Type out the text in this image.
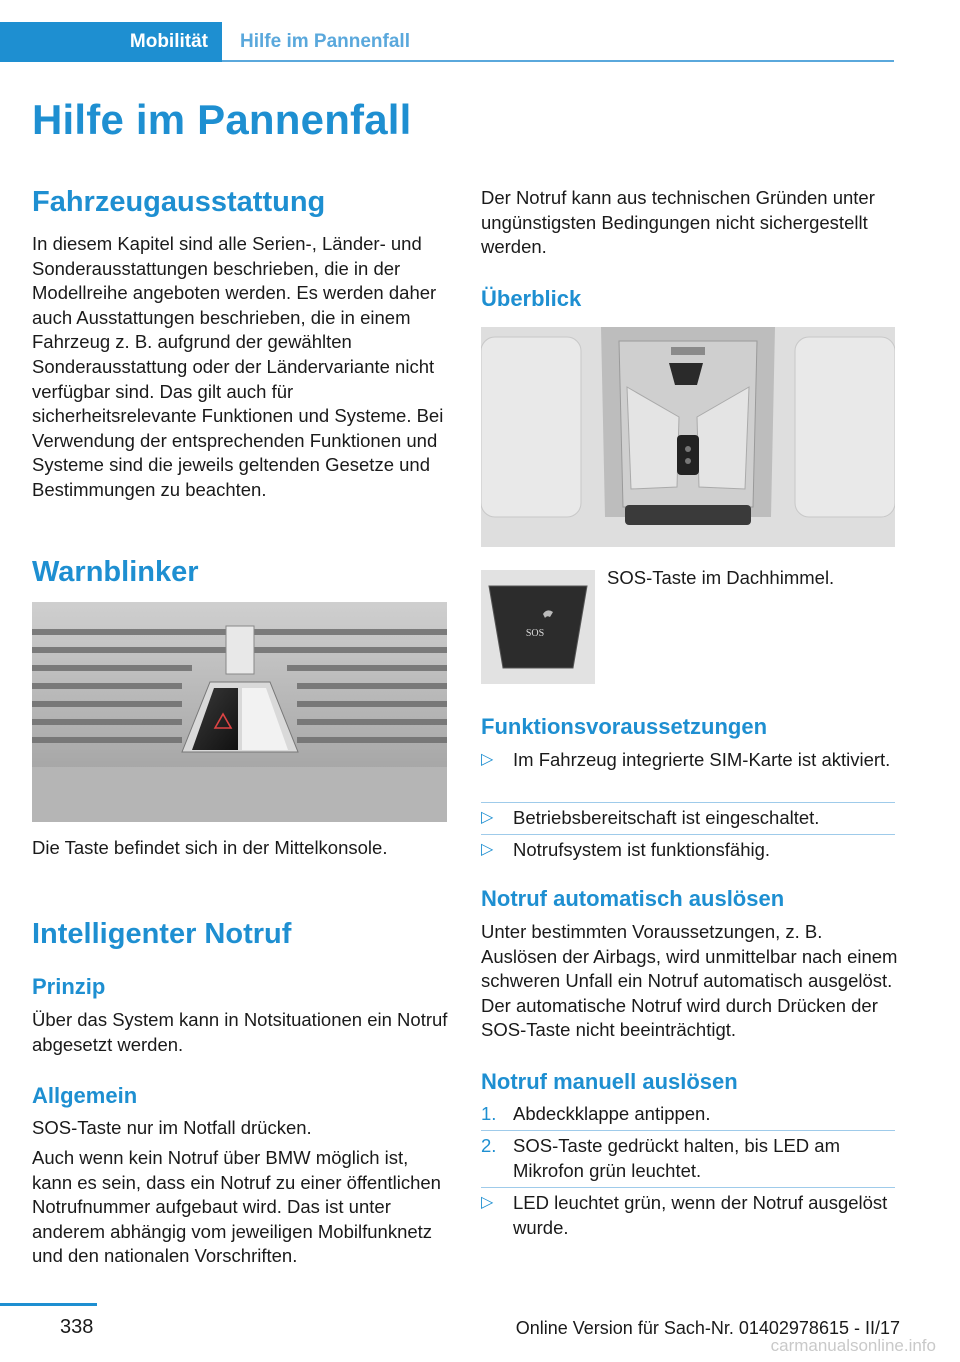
Mobilität	Hilfe im Pannenfall
Hilfe im Pannenfall
Fahrzeugausstattung

In diesem Kapitel sind alle Serien-, Länder- und Sonderausstattungen beschrieben, die in der Modellreihe angeboten werden. Es werden daher auch Ausstattungen beschrieben, die in einem Fahrzeug z. B. aufgrund der gewählten Sonderausstattung oder der Ländervariante nicht verfügbar sind. Das gilt auch für sicherheitsrelevante Funktionen und Systeme. Bei Verwendung der entsprechenden Funktionen und Systeme sind die jeweils geltenden Gesetze und Bestimmungen zu beachten.

Warnblinker

Die Taste befindet sich in der Mittelkonsole.

Intelligenter Notruf
Prinzip

Über das System kann in Notsituationen ein Notruf abgesetzt werden.

Allgemein

SOS-Taste nur im Notfall drücken.

Auch wenn kein Notruf über BMW möglich ist, kann es sein, dass ein Notruf zu einer öffentlichen Notrufnummer aufgebaut wird. Das ist unter anderem abhängig vom jeweiligen Mobilfunknetz und den nationalen Vorschriften.

Der Notruf kann aus technischen Gründen unter ungünstigsten Bedingungen nicht sichergestellt werden.

Überblick
SOS

SOS-Taste im Dachhimmel.

Funktionsvoraussetzungen
▷ Im Fahrzeug integrierte SIM-Karte ist aktiviert.
▷ Betriebsbereitschaft ist eingeschaltet.
▷ Notrufsystem ist funktionsfähig.
Notruf automatisch auslösen

Unter bestimmten Voraussetzungen, z. B. Auslösen der Airbags, wird unmittelbar nach einem schweren Unfall ein Notruf automatisch ausgelöst. Der automatische Notruf wird durch Drücken der SOS-Taste nicht beeinträchtigt.

Notruf manuell auslösen
1. Abdeckklappe antippen.
2. SOS-Taste gedrückt halten, bis LED am Mikrofon grün leuchtet.
▷ LED leuchtet grün, wenn der Notruf ausgelöst wurde.
338	Online Version für Sach-Nr. 01402978615 - II/17
carmanualsonline.info
